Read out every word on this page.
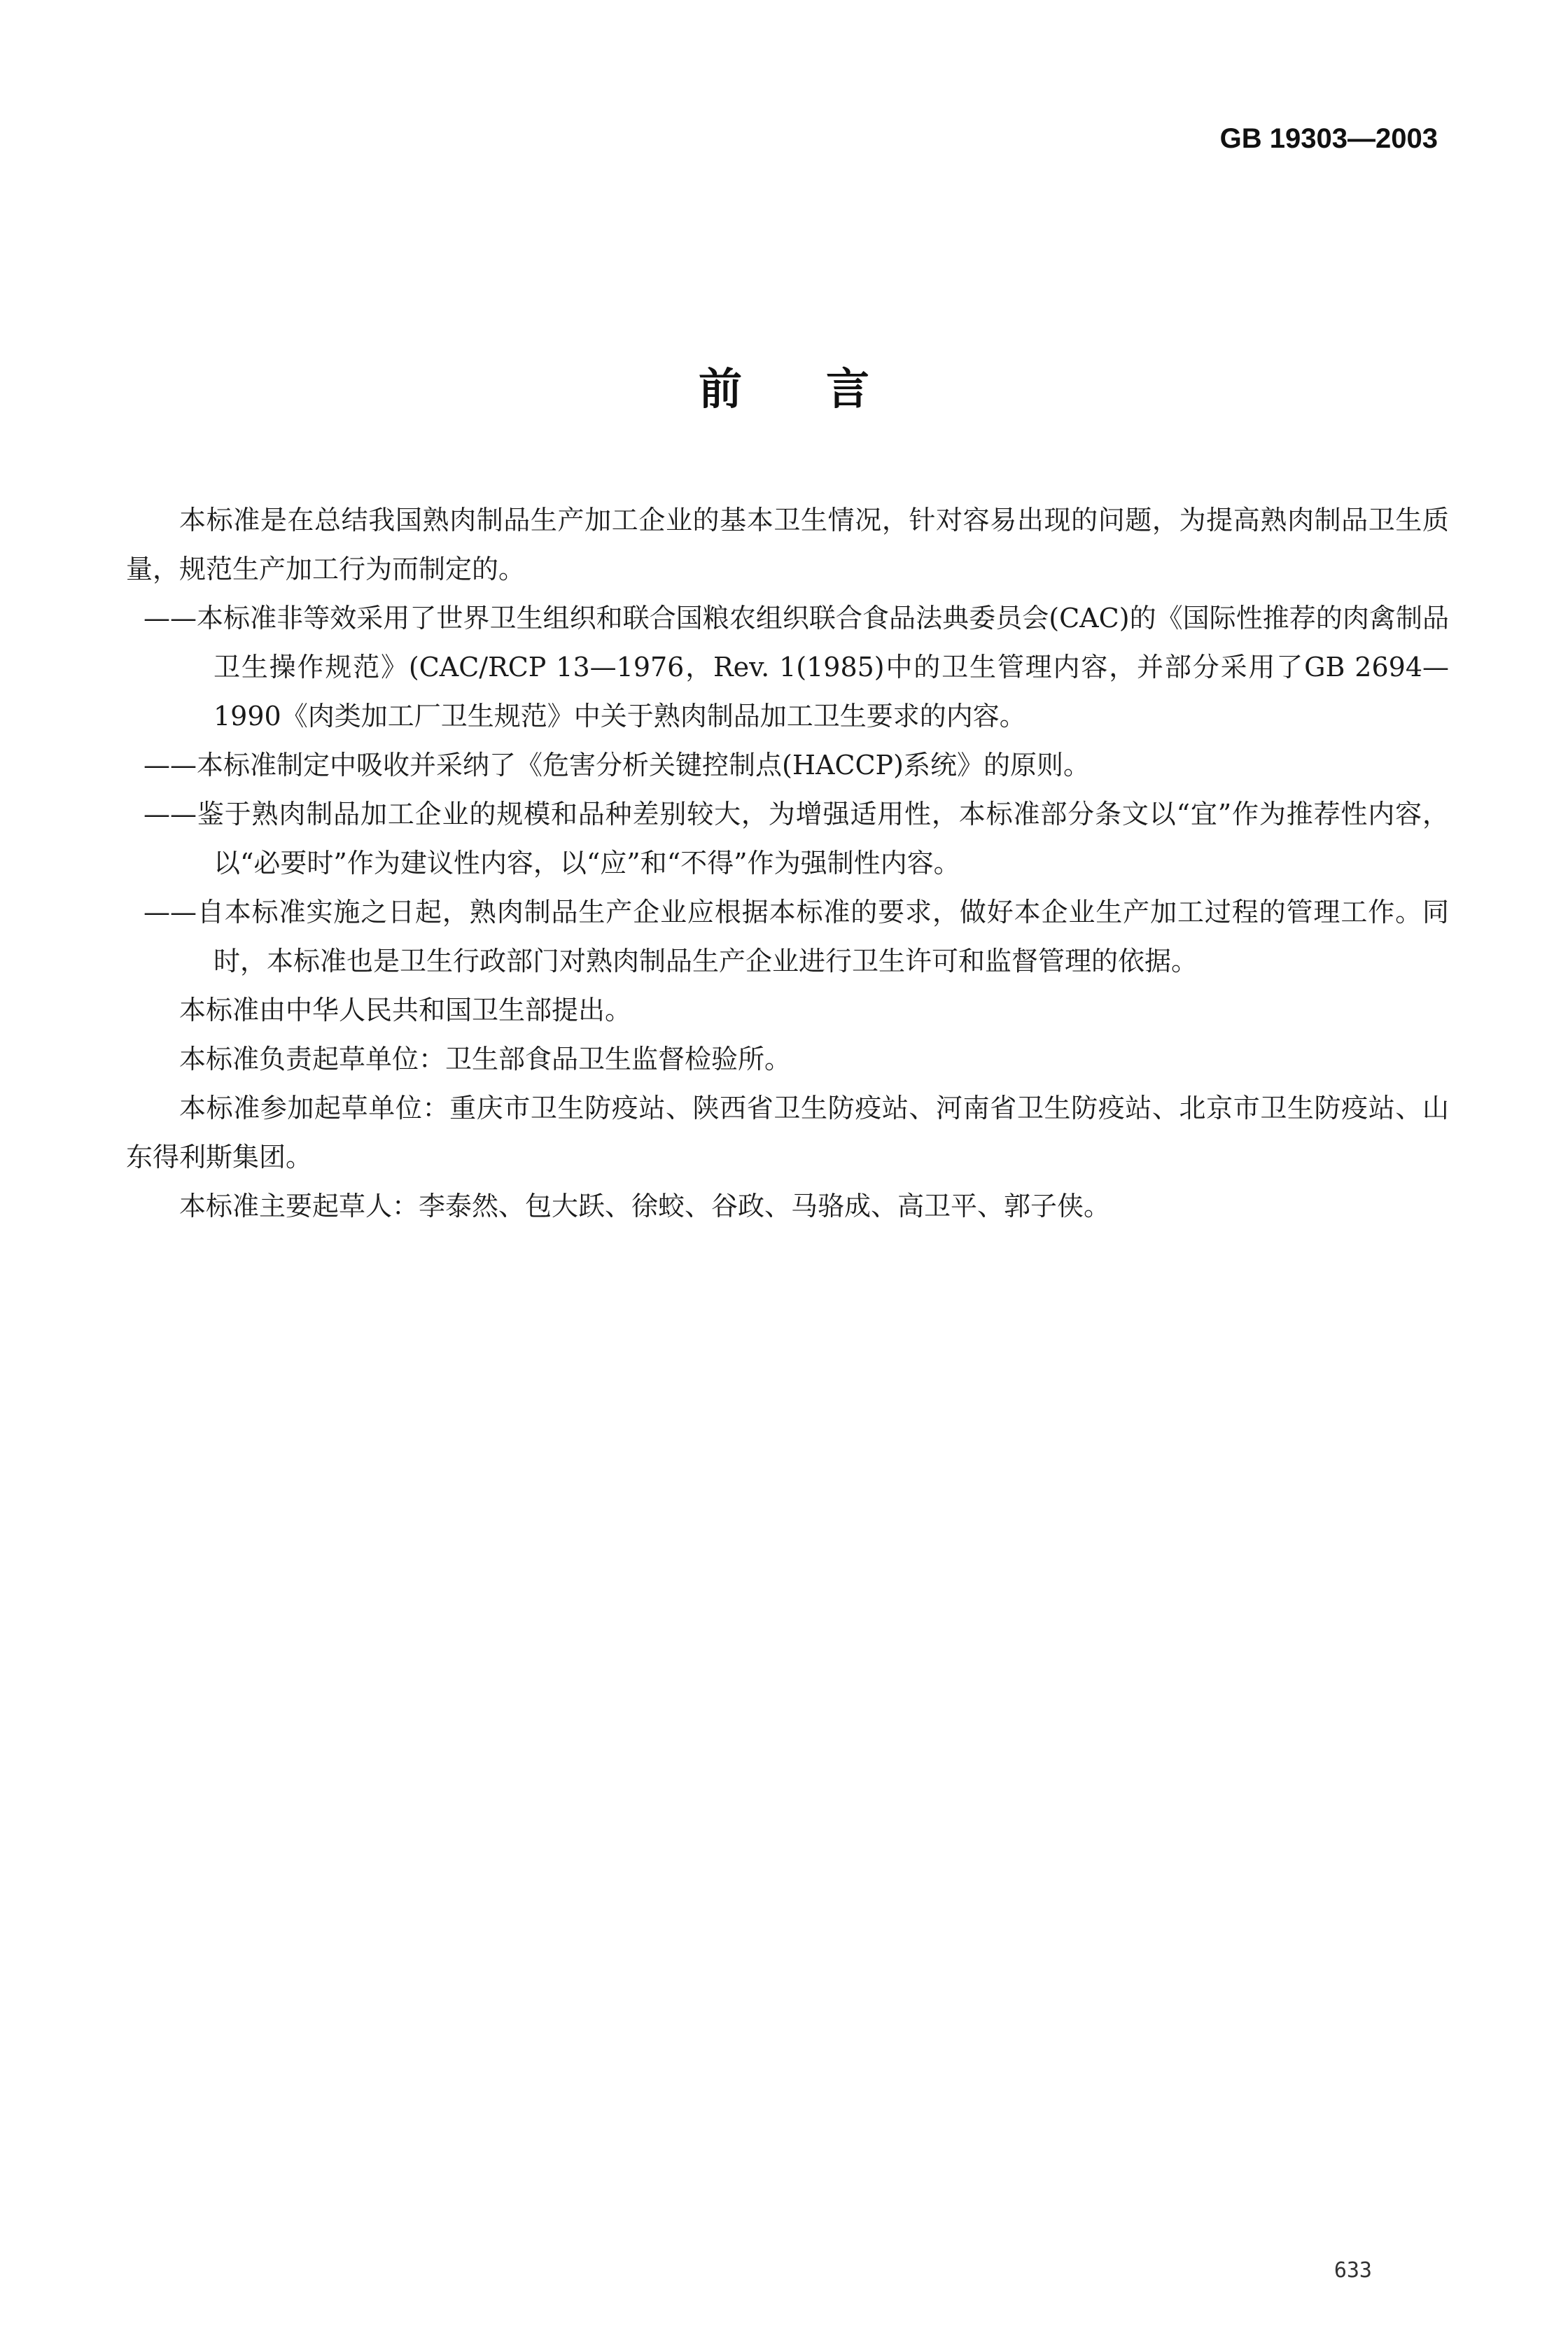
GB 19303—2003
前言

本标准是在总结我国熟肉制品生产加工企业的基本卫生情况，针对容易出现的问题，为提高熟肉制品卫生质量，规范生产加工行为而制定的。

——本标准非等效采用了世界卫生组织和联合国粮农组织联合食品法典委员会(CAC)的《国际性推荐的肉禽制品卫生操作规范》(CAC/RCP 13—1976，Rev. 1(1985)中的卫生管理内容，并部分采用了GB 2694—1990《肉类加工厂卫生规范》中关于熟肉制品加工卫生要求的内容。

——本标准制定中吸收并采纳了《危害分析关键控制点(HACCP)系统》的原则。

——鉴于熟肉制品加工企业的规模和品种差别较大，为增强适用性，本标准部分条文以“宜”作为推荐性内容，以“必要时”作为建议性内容，以“应”和“不得”作为强制性内容。

——自本标准实施之日起，熟肉制品生产企业应根据本标准的要求，做好本企业生产加工过程的管理工作。同时，本标准也是卫生行政部门对熟肉制品生产企业进行卫生许可和监督管理的依据。

本标准由中华人民共和国卫生部提出。

本标准负责起草单位：卫生部食品卫生监督检验所。

本标准参加起草单位：重庆市卫生防疫站、陕西省卫生防疫站、河南省卫生防疫站、北京市卫生防疫站、山东得利斯集团。

本标准主要起草人：李泰然、包大跃、徐蛟、谷政、马骆成、高卫平、郭子侠。

633
